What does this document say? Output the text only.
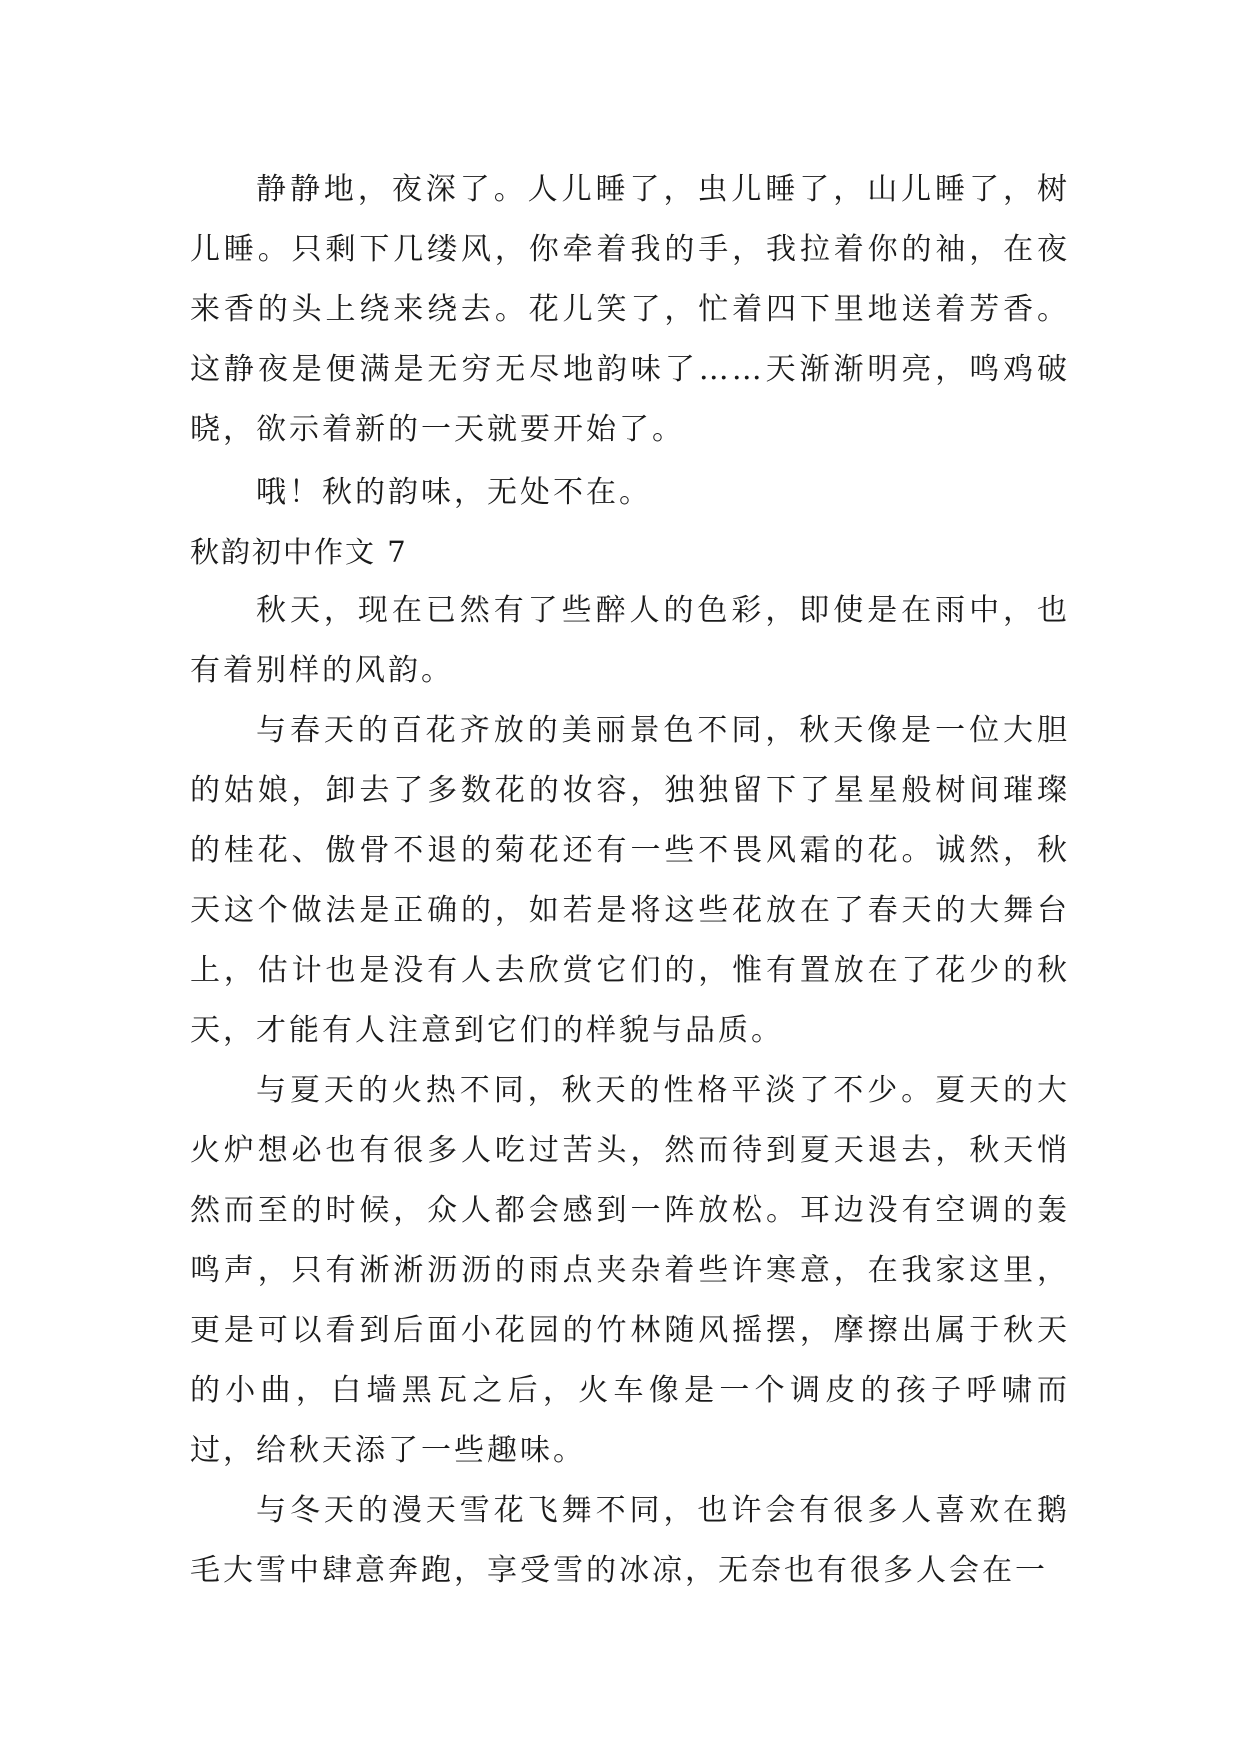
静静地，夜深了。人儿睡了，虫儿睡了，山儿睡了，树儿睡。只剩下几缕风，你牵着我的手，我拉着你的袖，在夜来香的头上绕来绕去。花儿笑了，忙着四下里地送着芳香。这静夜是便满是无穷无尽地韵味了……天渐渐明亮，鸣鸡破晓，欲示着新的一天就要开始了。

哦！秋的韵味，无处不在。

秋韵初中作文 7

秋天，现在已然有了些醉人的色彩，即使是在雨中，也有着别样的风韵。

与春天的百花齐放的美丽景色不同，秋天像是一位大胆的姑娘，卸去了多数花的妆容，独独留下了星星般树间璀璨的桂花、傲骨不退的菊花还有一些不畏风霜的花。诚然，秋天这个做法是正确的，如若是将这些花放在了春天的大舞台上，估计也是没有人去欣赏它们的，惟有置放在了花少的秋天，才能有人注意到它们的样貌与品质。

与夏天的火热不同，秋天的性格平淡了不少。夏天的大火炉想必也有很多人吃过苦头，然而待到夏天退去，秋天悄然而至的时候，众人都会感到一阵放松。耳边没有空调的轰鸣声，只有淅淅沥沥的雨点夹杂着些许寒意，在我家这里，更是可以看到后面小花园的竹林随风摇摆，摩擦出属于秋天的小曲，白墙黑瓦之后，火车像是一个调皮的孩子呼啸而过，给秋天添了一些趣味。

与冬天的漫天雪花飞舞不同，也许会有很多人喜欢在鹅毛大雪中肆意奔跑，享受雪的冰凉，无奈也有很多人会在一
